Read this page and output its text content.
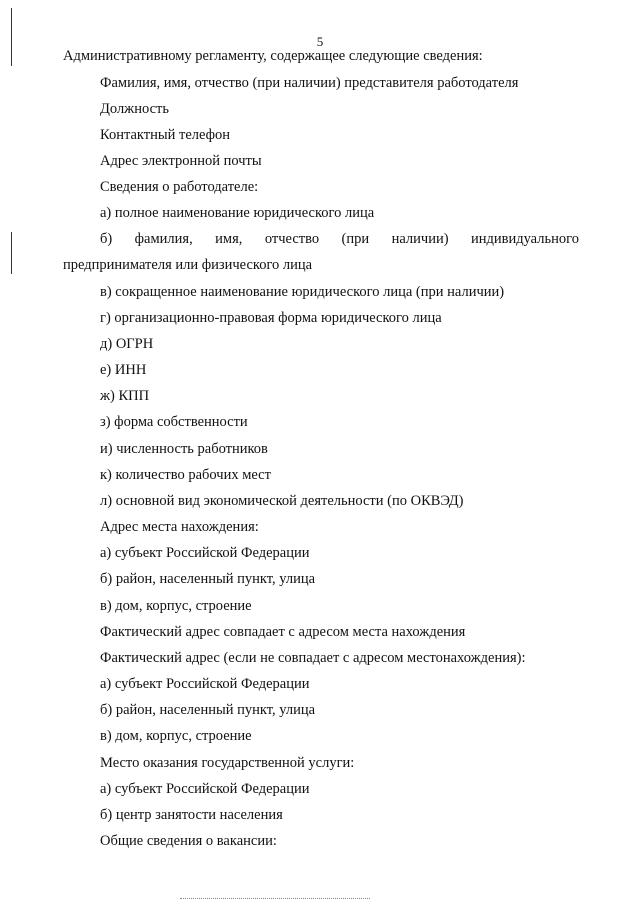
5
Административному регламенту, содержащее следующие сведения:
Фамилия, имя, отчество (при наличии) представителя работодателя
Должность
Контактный телефон
Адрес электронной почты
Сведения о работодателе:
а) полное наименование юридического лица
б) фамилия, имя, отчество (при наличии) индивидуального
предпринимателя или физического лица
в) сокращенное наименование юридического лица (при наличии)
г) организационно-правовая форма юридического лица
д) ОГРН
е) ИНН
ж) КПП
з) форма собственности
и) численность работников
к) количество рабочих мест
л) основной вид экономической деятельности (по ОКВЭД)
Адрес места нахождения:
а) субъект Российской Федерации
б) район, населенный пункт, улица
в) дом, корпус, строение
Фактический адрес совпадает с адресом места нахождения
Фактический адрес (если не совпадает с адресом местонахождения):
а) субъект Российской Федерации
б) район, населенный пункт, улица
в) дом, корпус, строение
Место оказания государственной услуги:
а) субъект Российской Федерации
б) центр занятости населения
Общие сведения о вакансии:
